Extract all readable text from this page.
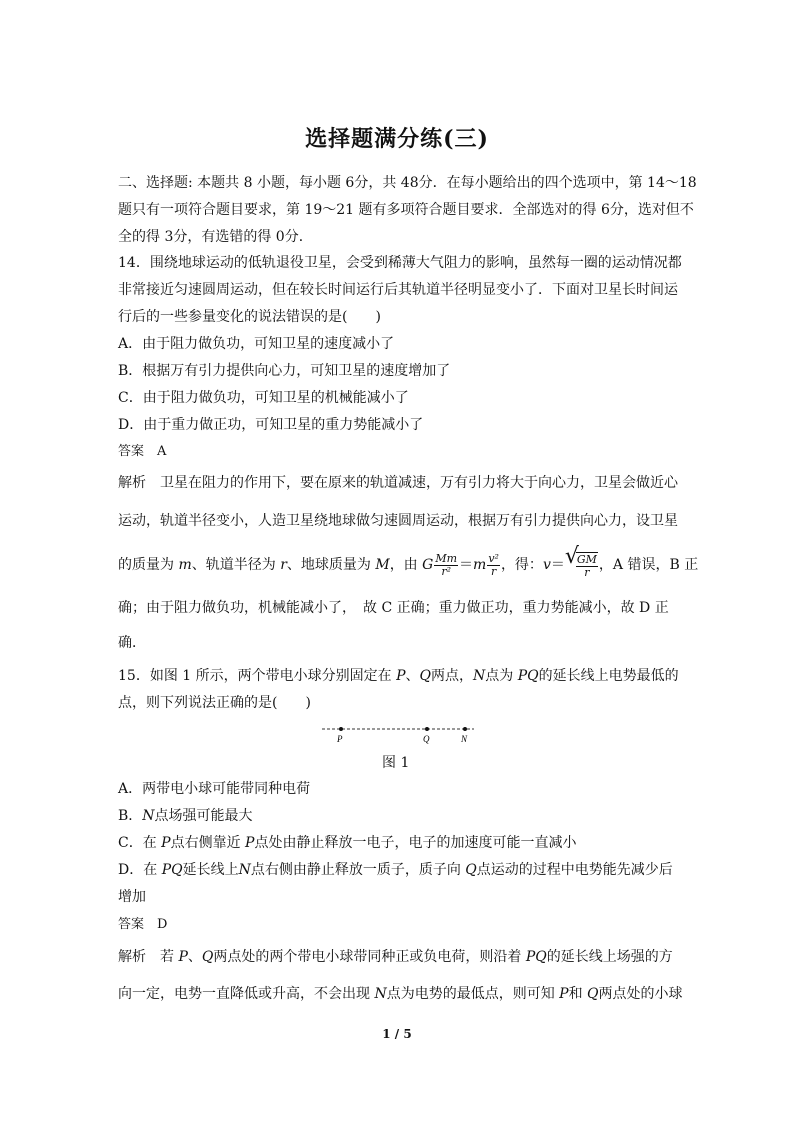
选择题满分练(三)
二、选择题: 本题共 8 小题，每小题 6分，共 48分．在每小题给出的四个选项中，第 14～18
题只有一项符合题目要求，第 19～21 题有多项符合题目要求．全部选对的得 6分，选对但不
全的得 3分，有选错的得 0分．
14．围绕地球运动的低轨退役卫星，会受到稀薄大气阻力的影响，虽然每一圈的运动情况都
非常接近匀速圆周运动，但在较长时间运行后其轨道半径明显变小了．下面对卫星长时间运
行后的一些参量变化的说法错误的是(　　)
A．由于阻力做负功，可知卫星的速度减小了
B．根据万有引力提供向心力，可知卫星的速度增加了
C．由于阻力做负功，可知卫星的机械能减小了
D．由于重力做正功，可知卫星的重力势能减小了
答案　A
解析　卫星在阻力的作用下，要在原来的轨道减速，万有引力将大于向心力，卫星会做近心
运动，轨道半径变小，人造卫星绕地球做匀速圆周运动，根据万有引力提供向心力，设卫星
的质量为 m、轨道半径为 r、地球质量为 M，由 G $\frac{Mm}{\text{r²}} =m \frac{\text{v²}}{r}$ ，得：v＝ √
$\frac{GM}{r}$ ，A 错误，B 正
确；由于阻力做负功，机械能减小了，　故 C 正确；重力做正功，重力势能减小，故 D 正
确．
15．如图 1 所示，两个带电小球分别固定在 P、Q两点，N点为 PQ的延长线上电势最低的
点，则下列说法正确的是(　　)
P	Q	N
图 1
A．两带电小球可能带同种电荷
B．N点场强可能最大
C．在 P点右侧靠近 P点处由静止释放一电子，电子的加速度可能一直减小
D．在 PQ延长线上N点右侧由静止释放一质子，质子向 Q点运动的过程中电势能先减少后
增加
答案　D
解析　若 P、Q两点处的两个带电小球带同种正或负电荷，则沿着 PQ的延长线上场强的方
向一定，电势一直降低或升高，不会出现 N点为电势的最低点，则可知 P和 Q两点处的小球
1 / 5
